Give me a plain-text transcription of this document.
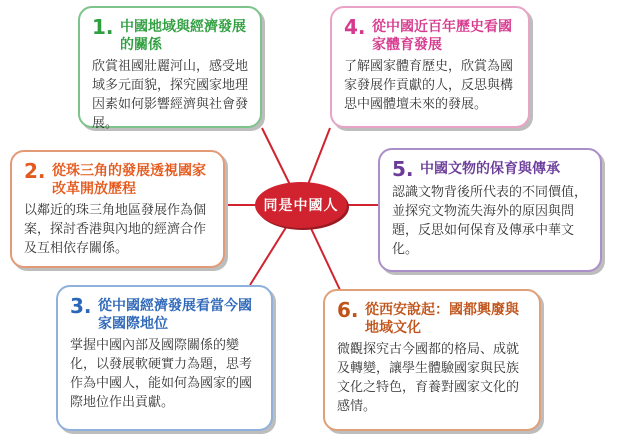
1. 中國地域與經濟發展的關係
欣賞祖國壯麗河山，感受地域多元面貌，探究國家地理因素如何影響經濟與社會發展。
2. 從珠三角的發展透視國家改革開放歷程
以鄰近的珠三角地區發展作為個案，探討香港與內地的經濟合作及互相依存關係。
3. 從中國經濟發展看當今國家國際地位
掌握中國內部及國際關係的變化，以發展軟硬實力為題，思考作為中國人，能如何為國家的國際地位作出貢獻。
4. 從中國近百年歷史看國家體育發展
了解國家體育歷史，欣賞為國家發展作貢獻的人，反思與構思中國體壇未來的發展。
5. 中國文物的保育與傳承
認識文物背後所代表的不同價值，並探究文物流失海外的原因與問題，反思如何保育及傳承中華文化。
6. 從西安說起：國都興廢與地域文化
微觀探究古今國都的格局、成就及轉變，讓學生體驗國家與民族文化之特色，育養對國家文化的感情。
同是中國人
